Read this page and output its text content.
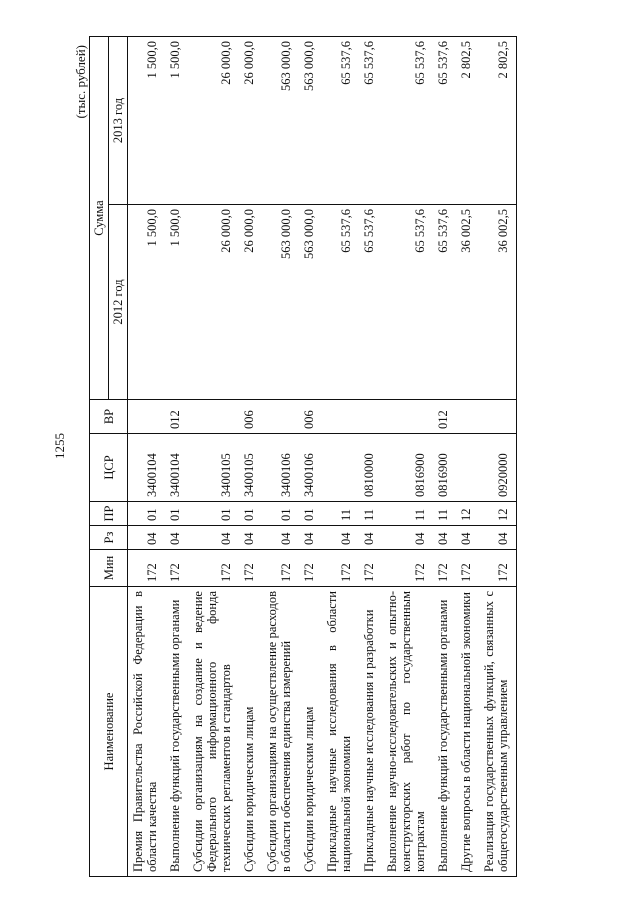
1255
(тыс. рублей)
Наименование	Мин	Рз	ПР	ЦСР	ВР	Сумма	
						2012 год	2013 год
Премия Правительства Российской Федерации в области качества	172	04	01	3400104		1 500,0	1 500,0
Выполнение функций государственными органами	172	04	01	3400104	012	1 500,0	1 500,0
Субсидии организациям на создание и ведение Федерального информационного фонда технических регламентов и стандартов	172	04	01	3400105		26 000,0	26 000,0
Субсидии юридическим лицам	172	04	01	3400105	006	26 000,0	26 000,0
Субсидии организациям на осуществление расходов в области обеспечения единства измерений	172	04	01	3400106		563 000,0	563 000,0
Субсидии юридическим лицам	172	04	01	3400106	006	563 000,0	563 000,0
Прикладные научные исследования в области национальной экономики	172	04	11			65 537,6	65 537,6
Прикладные научные исследования и разработки	172	04	11	0810000		65 537,6	65 537,6
Выполнение научно-исследовательских и опытно-конструкторских работ по государственным контрактам	172	04	11	0816900		65 537,6	65 537,6
Выполнение функций государственными органами	172	04	11	0816900	012	65 537,6	65 537,6
Другие вопросы в области национальной экономики	172	04	12			36 002,5	2 802,5
Реализация государственных функций, связанных с общегосударственным управлением	172	04	12	0920000		36 002,5	2 802,5
